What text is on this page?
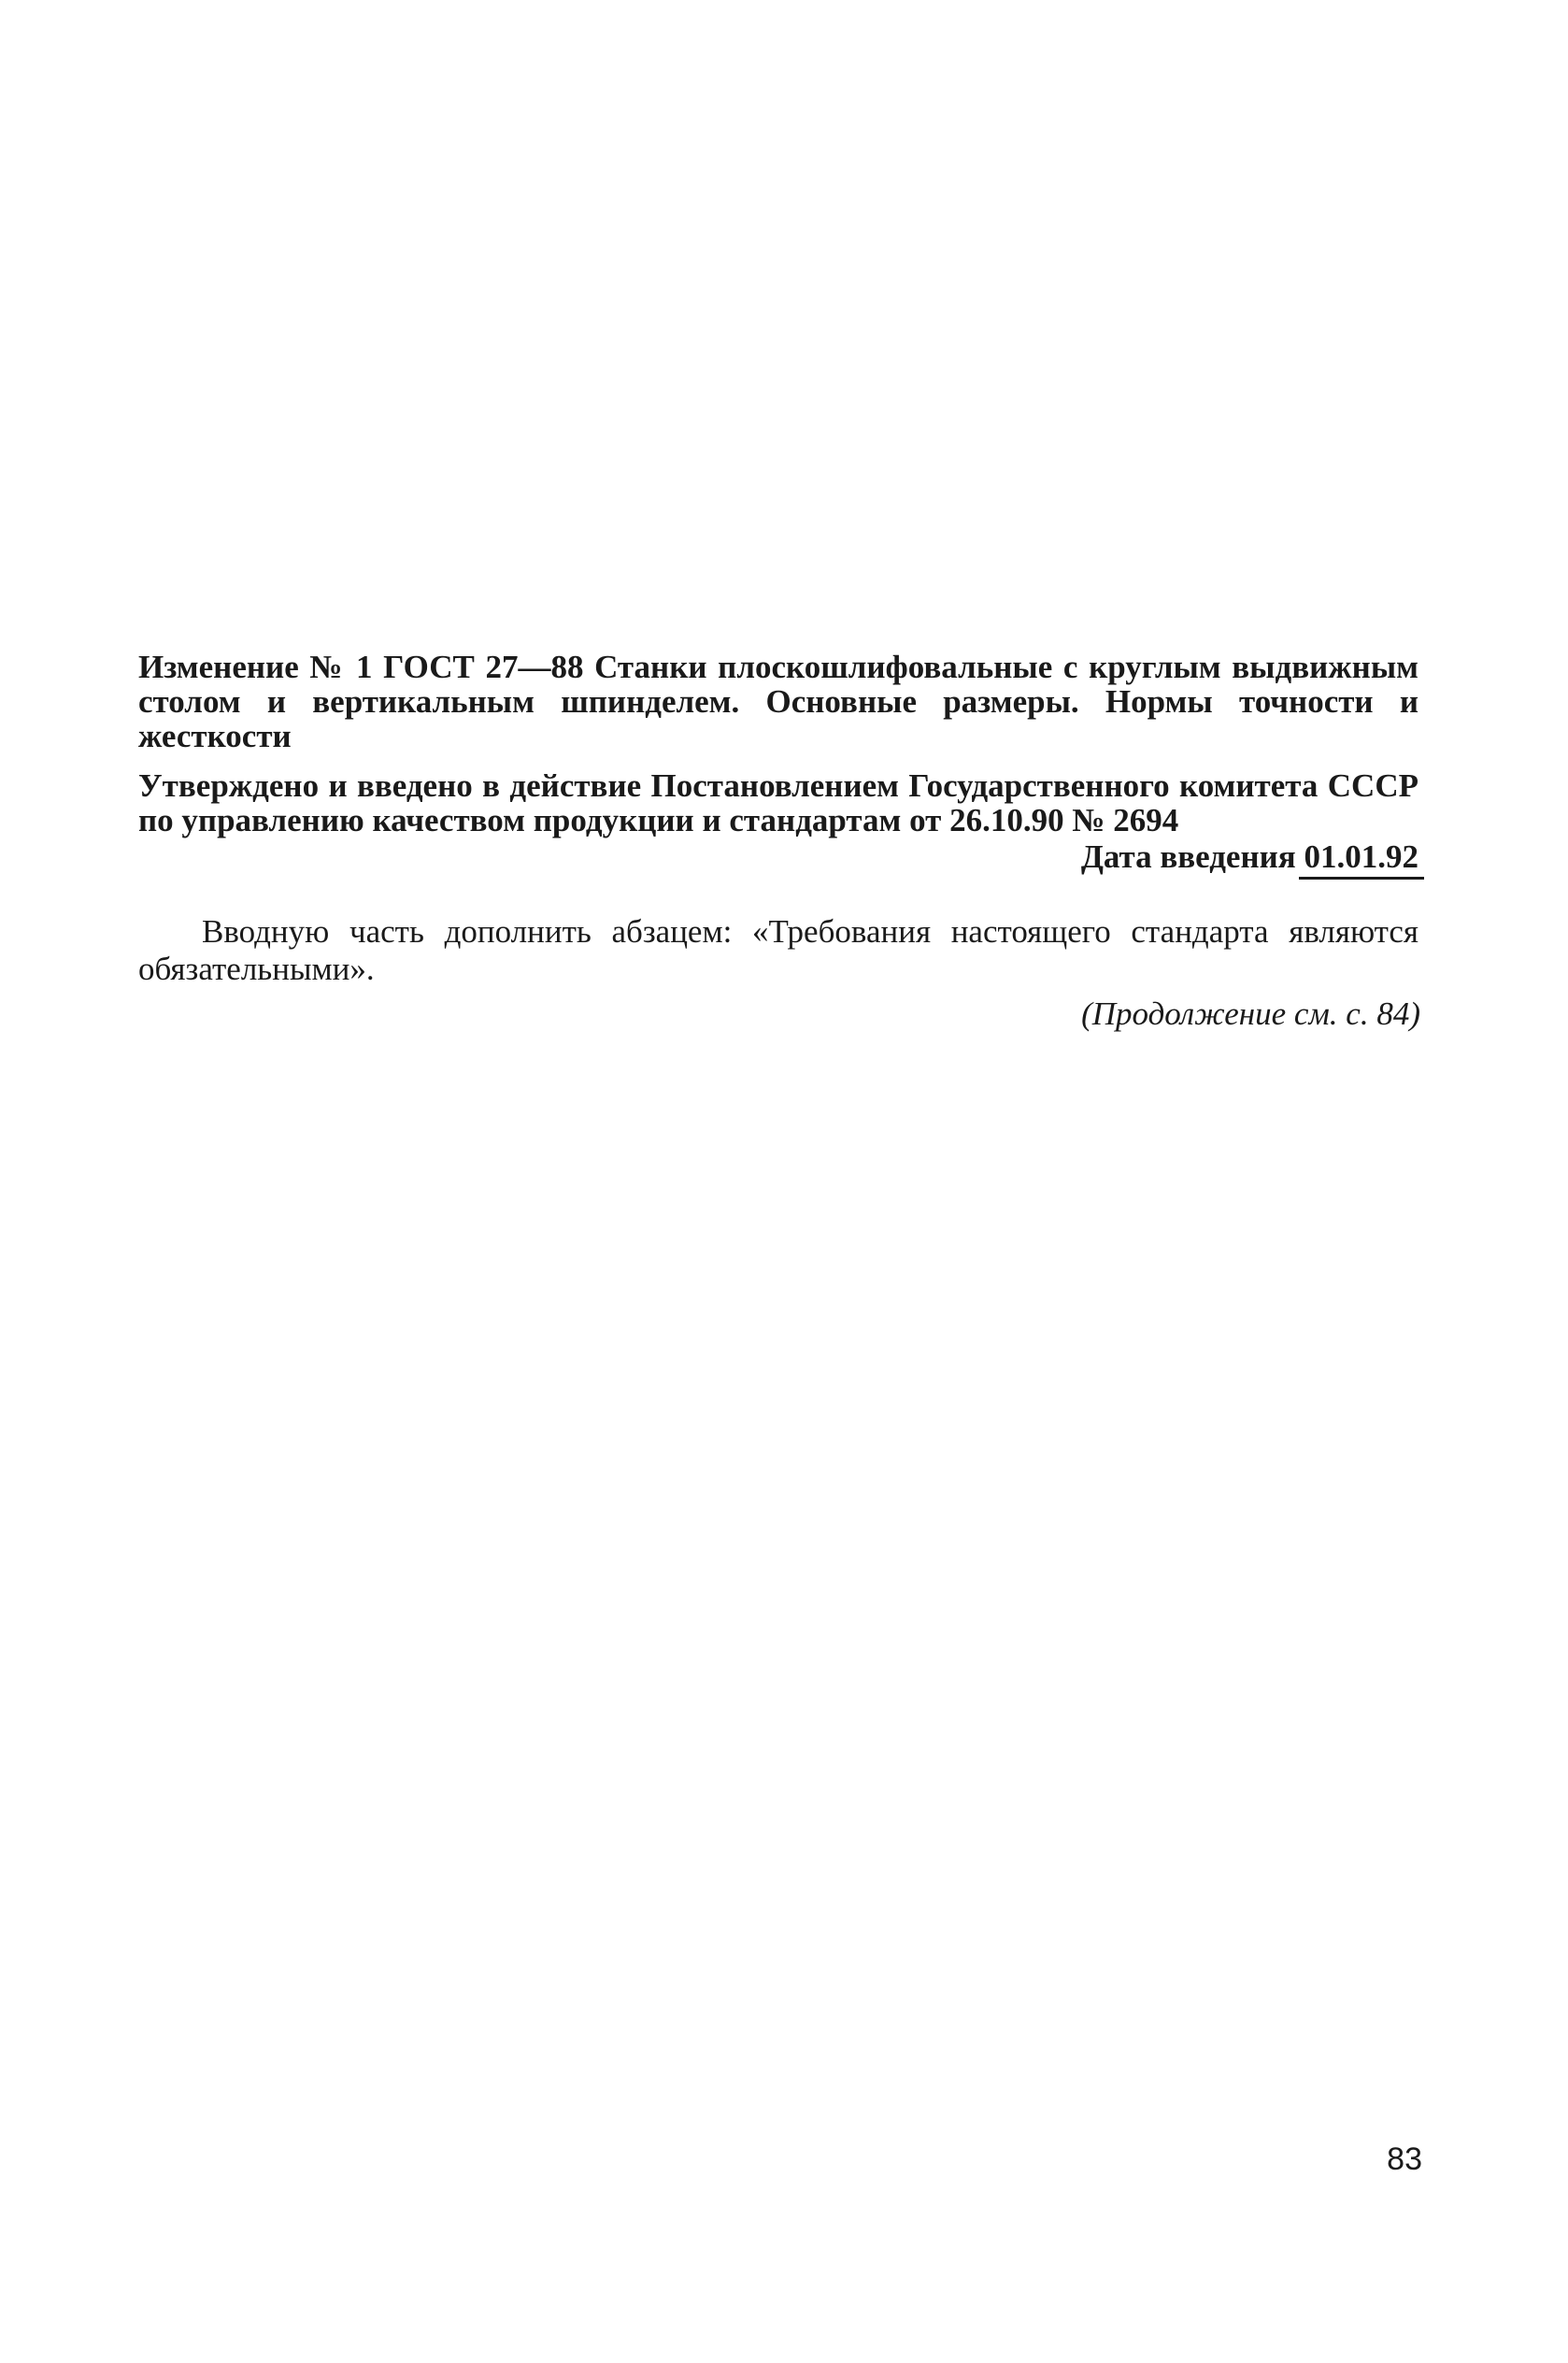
Изменение № 1 ГОСТ 27—88 Станки плоскошлифовальные с круглым выдвижным столом и вертикальным шпинделем. Основные размеры. Нормы точности и жесткости
Утверждено и введено в действие Постановлением Государственного комитета СССР по управлению качеством продукции и стандартам от 26.10.90 № 2694
Дата введения 01.01.92
Вводную часть дополнить абзацем: «Требования настоящего стандарта являются обязательными».
(Продолжение см. с. 84)
83
